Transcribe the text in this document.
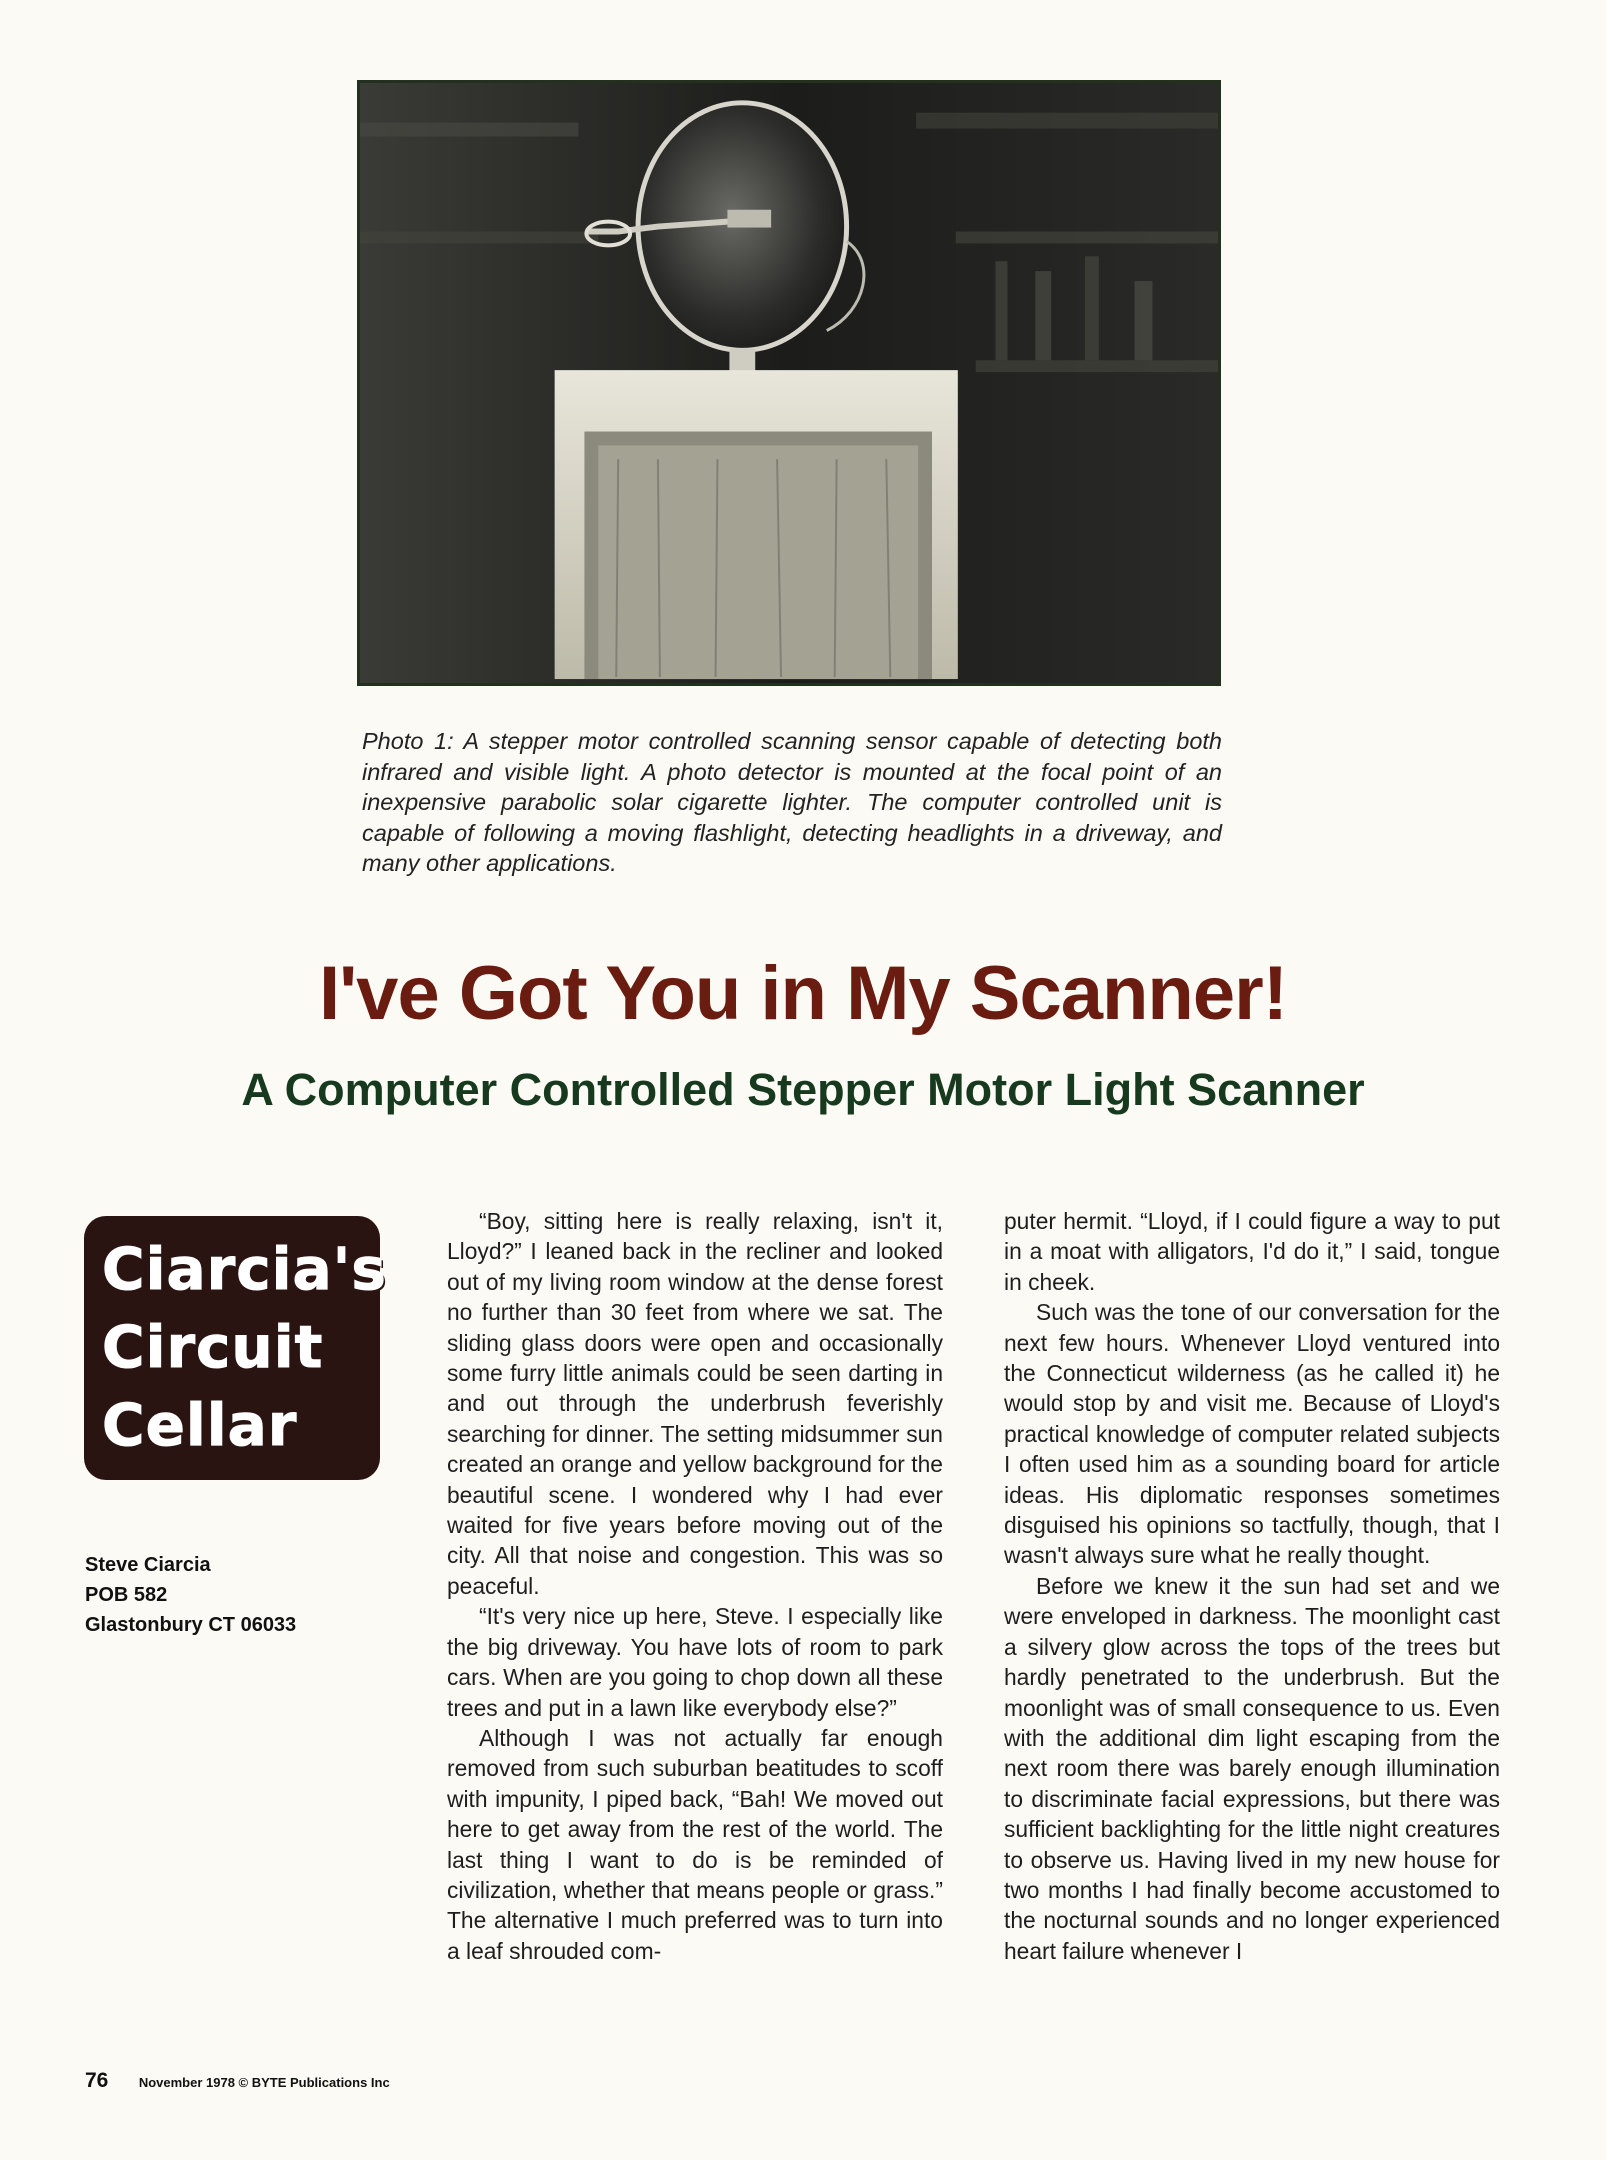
Photo 1: A stepper motor controlled scanning sensor capable of detecting both infrared and visible light. A photo detector is mounted at the focal point of an inexpensive parabolic solar cigarette lighter. The computer controlled unit is capable of following a moving flashlight, detecting headlights in a driveway, and many other applications.
I've Got You in My Scanner!
A Computer Controlled Stepper Motor Light Scanner
Ciarcia's
Circuit
Cellar
Steve Ciarcia
POB 582
Glastonbury CT 06033

“Boy, sitting here is really relaxing, isn't it, Lloyd?” I leaned back in the recliner and looked out of my living room window at the dense forest no further than 30 feet from where we sat. The sliding glass doors were open and occasionally some furry little animals could be seen darting in and out through the underbrush feverishly searching for dinner. The setting midsummer sun created an orange and yellow background for the beautiful scene. I wondered why I had ever waited for five years before moving out of the city. All that noise and congestion. This was so peaceful.

“It's very nice up here, Steve. I especially like the big driveway. You have lots of room to park cars. When are you going to chop down all these trees and put in a lawn like everybody else?”

Although I was not actually far enough removed from such suburban beatitudes to scoff with impunity, I piped back, “Bah! We moved out here to get away from the rest of the world. The last thing I want to do is be reminded of civilization, whether that means people or grass.” The alternative I much preferred was to turn into a leaf shrouded com-

puter hermit. “Lloyd, if I could figure a way to put in a moat with alligators, I'd do it,” I said, tongue in cheek.

Such was the tone of our conversation for the next few hours. Whenever Lloyd ventured into the Connecticut wilderness (as he called it) he would stop by and visit me. Because of Lloyd's practical knowledge of computer related subjects I often used him as a sounding board for article ideas. His diplomatic responses sometimes disguised his opinions so tactfully, though, that I wasn't always sure what he really thought.

Before we knew it the sun had set and we were enveloped in darkness. The moonlight cast a silvery glow across the tops of the trees but hardly penetrated to the underbrush. But the moonlight was of small consequence to us. Even with the additional dim light escaping from the next room there was barely enough illumination to discriminate facial expressions, but there was sufficient backlighting for the little night creatures to observe us. Having lived in my new house for two months I had finally become accustomed to the nocturnal sounds and no longer experienced heart failure whenever I

76 November 1978 © BYTE Publications Inc
